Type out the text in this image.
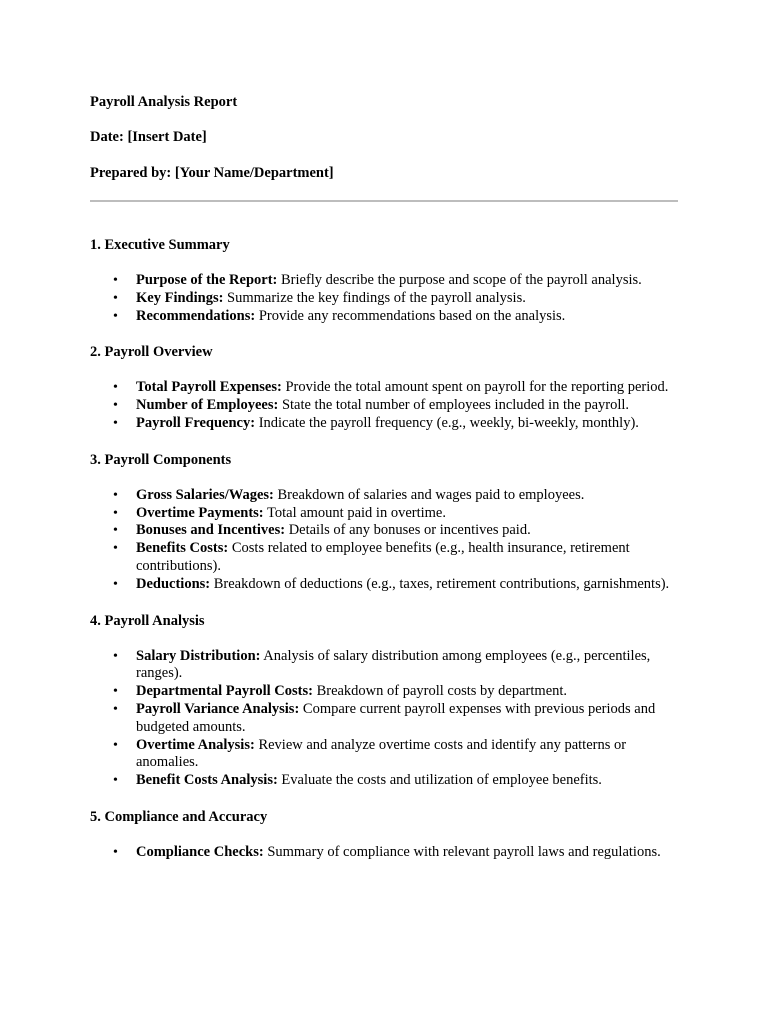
Payroll Analysis Report

Date: [Insert Date]

Prepared by: [Your Name/Department]

1. Executive Summary

• Purpose of the Report: Briefly describe the purpose and scope of the payroll analysis.
• Key Findings: Summarize the key findings of the payroll analysis.
• Recommendations: Provide any recommendations based on the analysis.

2. Payroll Overview

• Total Payroll Expenses: Provide the total amount spent on payroll for the reporting period.
• Number of Employees: State the total number of employees included in the payroll.
• Payroll Frequency: Indicate the payroll frequency (e.g., weekly, bi-weekly, monthly).

3. Payroll Components

• Gross Salaries/Wages: Breakdown of salaries and wages paid to employees.
• Overtime Payments: Total amount paid in overtime.
• Bonuses and Incentives: Details of any bonuses or incentives paid.
• Benefits Costs: Costs related to employee benefits (e.g., health insurance, retirement contributions).
• Deductions: Breakdown of deductions (e.g., taxes, retirement contributions, garnishments).

4. Payroll Analysis

• Salary Distribution: Analysis of salary distribution among employees (e.g., percentiles, ranges).
• Departmental Payroll Costs: Breakdown of payroll costs by department.
• Payroll Variance Analysis: Compare current payroll expenses with previous periods and budgeted amounts.
• Overtime Analysis: Review and analyze overtime costs and identify any patterns or anomalies.
• Benefit Costs Analysis: Evaluate the costs and utilization of employee benefits.

5. Compliance and Accuracy

• Compliance Checks: Summary of compliance with relevant payroll laws and regulations.
